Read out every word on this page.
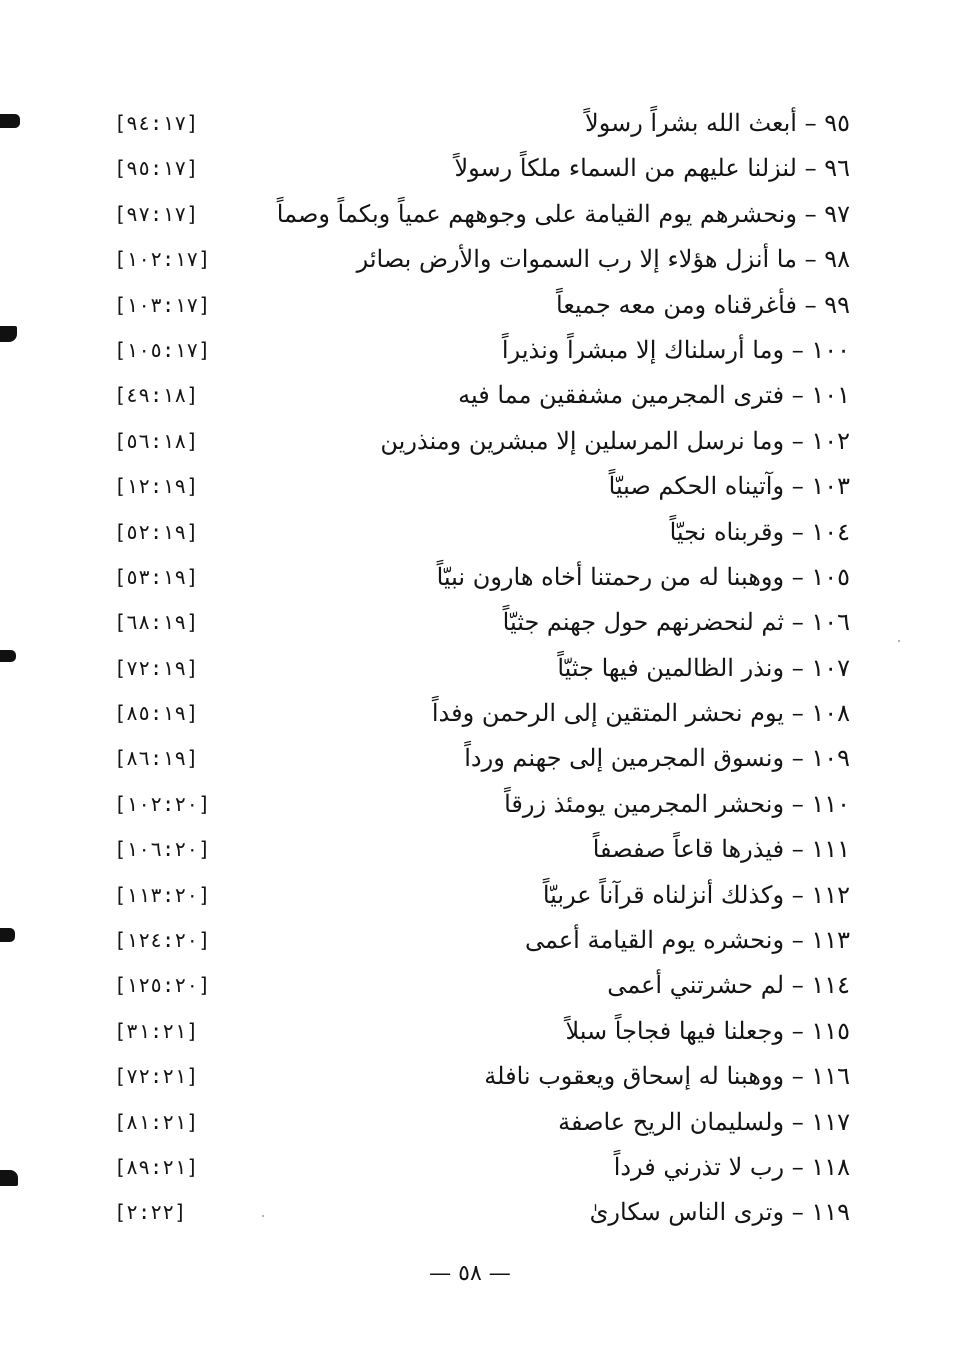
٩٥ – أبعث الله بشراً رسولاً
[٩٤:١٧]
٩٦ – لنزلنا عليهم من السماء ملكاً رسولاً
[٩٥:١٧]
٩٧ – ونحشرهم يوم القيامة على وجوههم عمياً وبكماً وصماً
[٩٧:١٧]
٩٨ – ما أنزل هؤلاء إلا رب السموات والأرض بصائر
[١٠٢:١٧]
٩٩ – فأغرقناه ومن معه جميعاً
[١٠٣:١٧]
١٠٠ – وما أرسلناك إلا مبشراً ونذيراً
[١٠٥:١٧]
١٠١ – فترى المجرمين مشفقين مما فيه
[٤٩:١٨]
١٠٢ – وما نرسل المرسلين إلا مبشرين ومنذرين
[٥٦:١٨]
١٠٣ – وآتيناه الحكم صبيّاً
[١٢:١٩]
١٠٤ – وقربناه نجيّاً
[٥٢:١٩]
١٠٥ – ووهبنا له من رحمتنا أخاه هارون نبيّاً
[٥٣:١٩]
١٠٦ – ثم لنحضرنهم حول جهنم جثيّاً
[٦٨:١٩]
١٠٧ – ونذر الظالمين فيها جثيّاً
[٧٢:١٩]
١٠٨ – يوم نحشر المتقين إلى الرحمن وفداً
[٨٥:١٩]
١٠٩ – ونسوق المجرمين إلى جهنم ورداً
[٨٦:١٩]
١١٠ – ونحشر المجرمين يومئذ زرقاً
[١٠٢:٢٠]
١١١ – فيذرها قاعاً صفصفاً
[١٠٦:٢٠]
١١٢ – وكذلك أنزلناه قرآناً عربيّاً
[١١٣:٢٠]
١١٣ – ونحشره يوم القيامة أعمى
[١٢٤:٢٠]
١١٤ – لم حشرتني أعمى
[١٢٥:٢٠]
١١٥ – وجعلنا فيها فجاجاً سبلاً
[٣١:٢١]
١١٦ – ووهبنا له إسحاق ويعقوب نافلة
[٧٢:٢١]
١١٧ – ولسليمان الريح عاصفة
[٨١:٢١]
١١٨ – رب لا تذرني فرداً
[٨٩:٢١]
١١٩ – وترى الناس سكارىٰ
[٢:٢٢]
— ٥٨ —
